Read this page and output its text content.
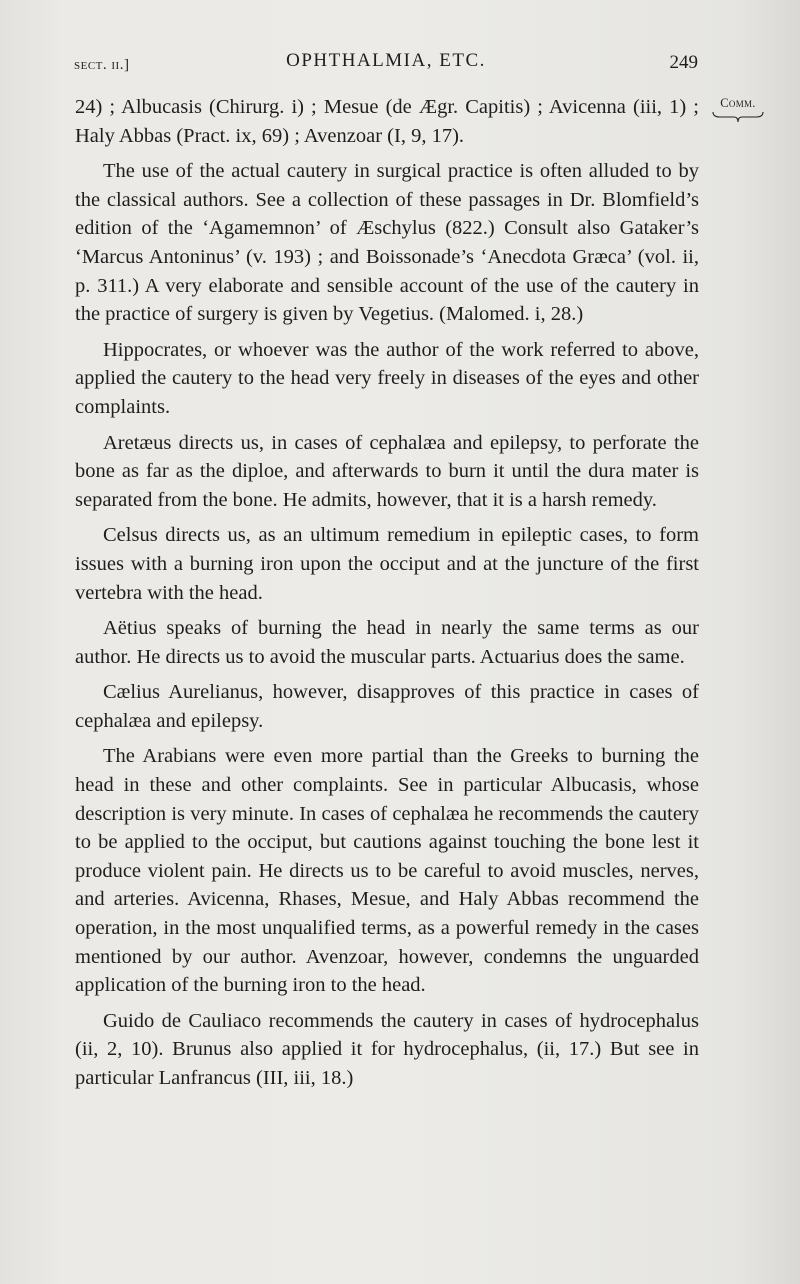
sect. ii.]	OPHTHALMIA, ETC.	249
Comm.

24) ; Albucasis (Chirurg. i) ; Mesue (de Ægr. Capitis) ; Avicenna (iii, 1) ; Haly Abbas (Pract. ix, 69) ; Avenzoar (I, 9, 17).

The use of the actual cautery in surgical practice is often alluded to by the classical authors. See a collection of these passages in Dr. Blomfield’s edition of the ‘Agamemnon’ of Æschylus (822.) Consult also Gataker’s ‘Marcus Antoninus’ (v. 193) ; and Boissonade’s ‘Anecdota Græca’ (vol. ii, p. 311.) A very elaborate and sensible account of the use of the cautery in the practice of surgery is given by Vegetius. (Malomed. i, 28.)

Hippocrates, or whoever was the author of the work referred to above, applied the cautery to the head very freely in diseases of the eyes and other complaints.

Aretæus directs us, in cases of cephalæa and epilepsy, to perforate the bone as far as the diploe, and afterwards to burn it until the dura mater is separated from the bone. He admits, however, that it is a harsh remedy.

Celsus directs us, as an ultimum remedium in epileptic cases, to form issues with a burning iron upon the occiput and at the juncture of the first vertebra with the head.

Aëtius speaks of burning the head in nearly the same terms as our author. He directs us to avoid the muscular parts. Actuarius does the same.

Cælius Aurelianus, however, disapproves of this practice in cases of cephalæa and epilepsy.

The Arabians were even more partial than the Greeks to burning the head in these and other complaints. See in particular Albucasis, whose description is very minute. In cases of cephalæa he recommends the cautery to be applied to the occiput, but cautions against touching the bone lest it produce violent pain. He directs us to be careful to avoid muscles, nerves, and arteries. Avicenna, Rhases, Mesue, and Haly Abbas recommend the operation, in the most unqualified terms, as a powerful remedy in the cases mentioned by our author. Avenzoar, however, condemns the unguarded application of the burning iron to the head.

Guido de Cauliaco recommends the cautery in cases of hydrocephalus (ii, 2, 10). Brunus also applied it for hydrocephalus, (ii, 17.) But see in particular Lanfrancus (III, iii, 18.)
